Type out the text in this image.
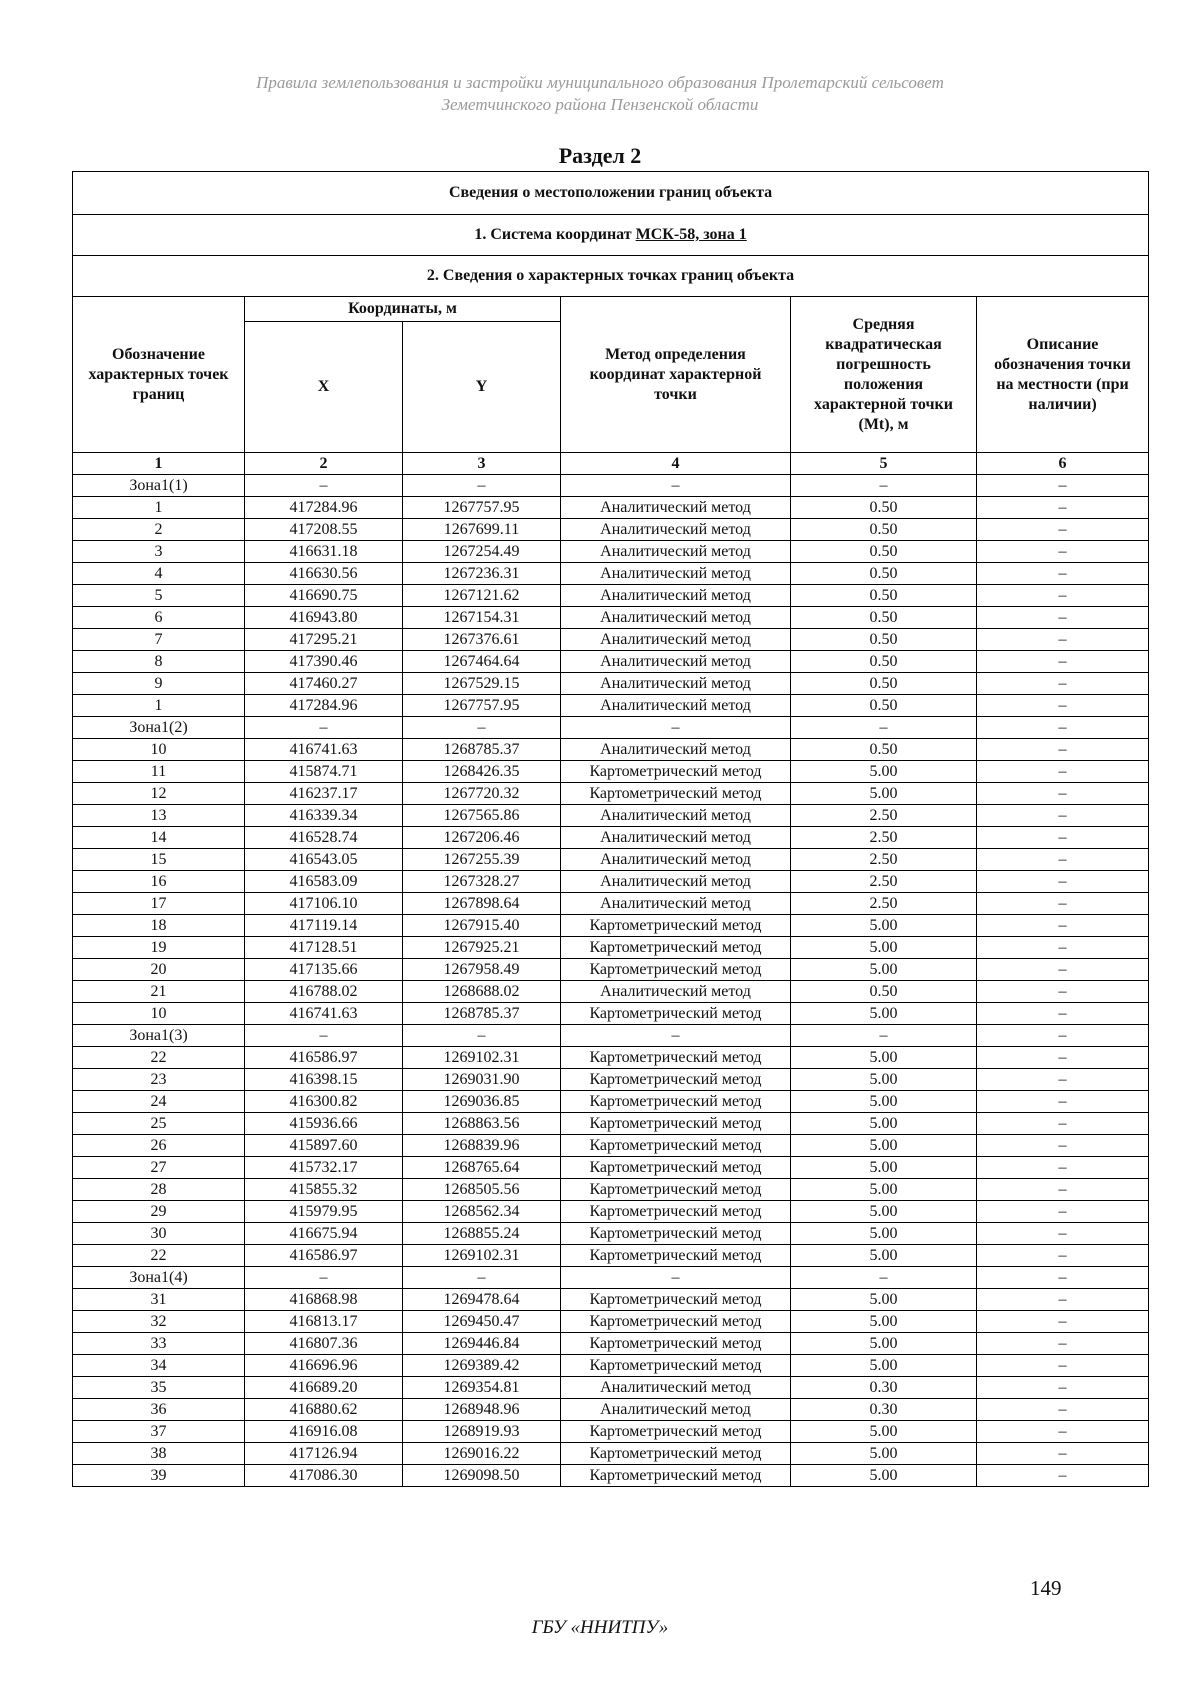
Правила землепользования и застройки муниципального образования Пролетарский сельсовет
Земетчинского района Пензенской области
Раздел 2
Сведения о местоположении границ объекта					
1. Система координат МСК-58, зона 1					
2. Сведения о характерных точках границ объекта					
Обозначение характерных точек границ	Координаты, м		Метод определения координат характерной точки	Средняя квадратическая погрешность положения характерной точки (Mt), м	Описание обозначения точки на местности (при наличии)
	X	Y			
1	2	3	4	5	6
Зона1(1)	–	–	–	–	–
1	417284.96	1267757.95	Аналитический метод	0.50	–
2	417208.55	1267699.11	Аналитический метод	0.50	–
3	416631.18	1267254.49	Аналитический метод	0.50	–
4	416630.56	1267236.31	Аналитический метод	0.50	–
5	416690.75	1267121.62	Аналитический метод	0.50	–
6	416943.80	1267154.31	Аналитический метод	0.50	–
7	417295.21	1267376.61	Аналитический метод	0.50	–
8	417390.46	1267464.64	Аналитический метод	0.50	–
9	417460.27	1267529.15	Аналитический метод	0.50	–
1	417284.96	1267757.95	Аналитический метод	0.50	–
Зона1(2)	–	–	–	–	–
10	416741.63	1268785.37	Аналитический метод	0.50	–
11	415874.71	1268426.35	Картометрический метод	5.00	–
12	416237.17	1267720.32	Картометрический метод	5.00	–
13	416339.34	1267565.86	Аналитический метод	2.50	–
14	416528.74	1267206.46	Аналитический метод	2.50	–
15	416543.05	1267255.39	Аналитический метод	2.50	–
16	416583.09	1267328.27	Аналитический метод	2.50	–
17	417106.10	1267898.64	Аналитический метод	2.50	–
18	417119.14	1267915.40	Картометрический метод	5.00	–
19	417128.51	1267925.21	Картометрический метод	5.00	–
20	417135.66	1267958.49	Картометрический метод	5.00	–
21	416788.02	1268688.02	Аналитический метод	0.50	–
10	416741.63	1268785.37	Картометрический метод	5.00	–
Зона1(3)	–	–	–	–	–
22	416586.97	1269102.31	Картометрический метод	5.00	–
23	416398.15	1269031.90	Картометрический метод	5.00	–
24	416300.82	1269036.85	Картометрический метод	5.00	–
25	415936.66	1268863.56	Картометрический метод	5.00	–
26	415897.60	1268839.96	Картометрический метод	5.00	–
27	415732.17	1268765.64	Картометрический метод	5.00	–
28	415855.32	1268505.56	Картометрический метод	5.00	–
29	415979.95	1268562.34	Картометрический метод	5.00	–
30	416675.94	1268855.24	Картометрический метод	5.00	–
22	416586.97	1269102.31	Картометрический метод	5.00	–
Зона1(4)	–	–	–	–	–
31	416868.98	1269478.64	Картометрический метод	5.00	–
32	416813.17	1269450.47	Картометрический метод	5.00	–
33	416807.36	1269446.84	Картометрический метод	5.00	–
34	416696.96	1269389.42	Картометрический метод	5.00	–
35	416689.20	1269354.81	Аналитический метод	0.30	–
36	416880.62	1268948.96	Аналитический метод	0.30	–
37	416916.08	1268919.93	Картометрический метод	5.00	–
38	417126.94	1269016.22	Картометрический метод	5.00	–
39	417086.30	1269098.50	Картометрический метод	5.00	–
149
ГБУ «ННИТПУ»
